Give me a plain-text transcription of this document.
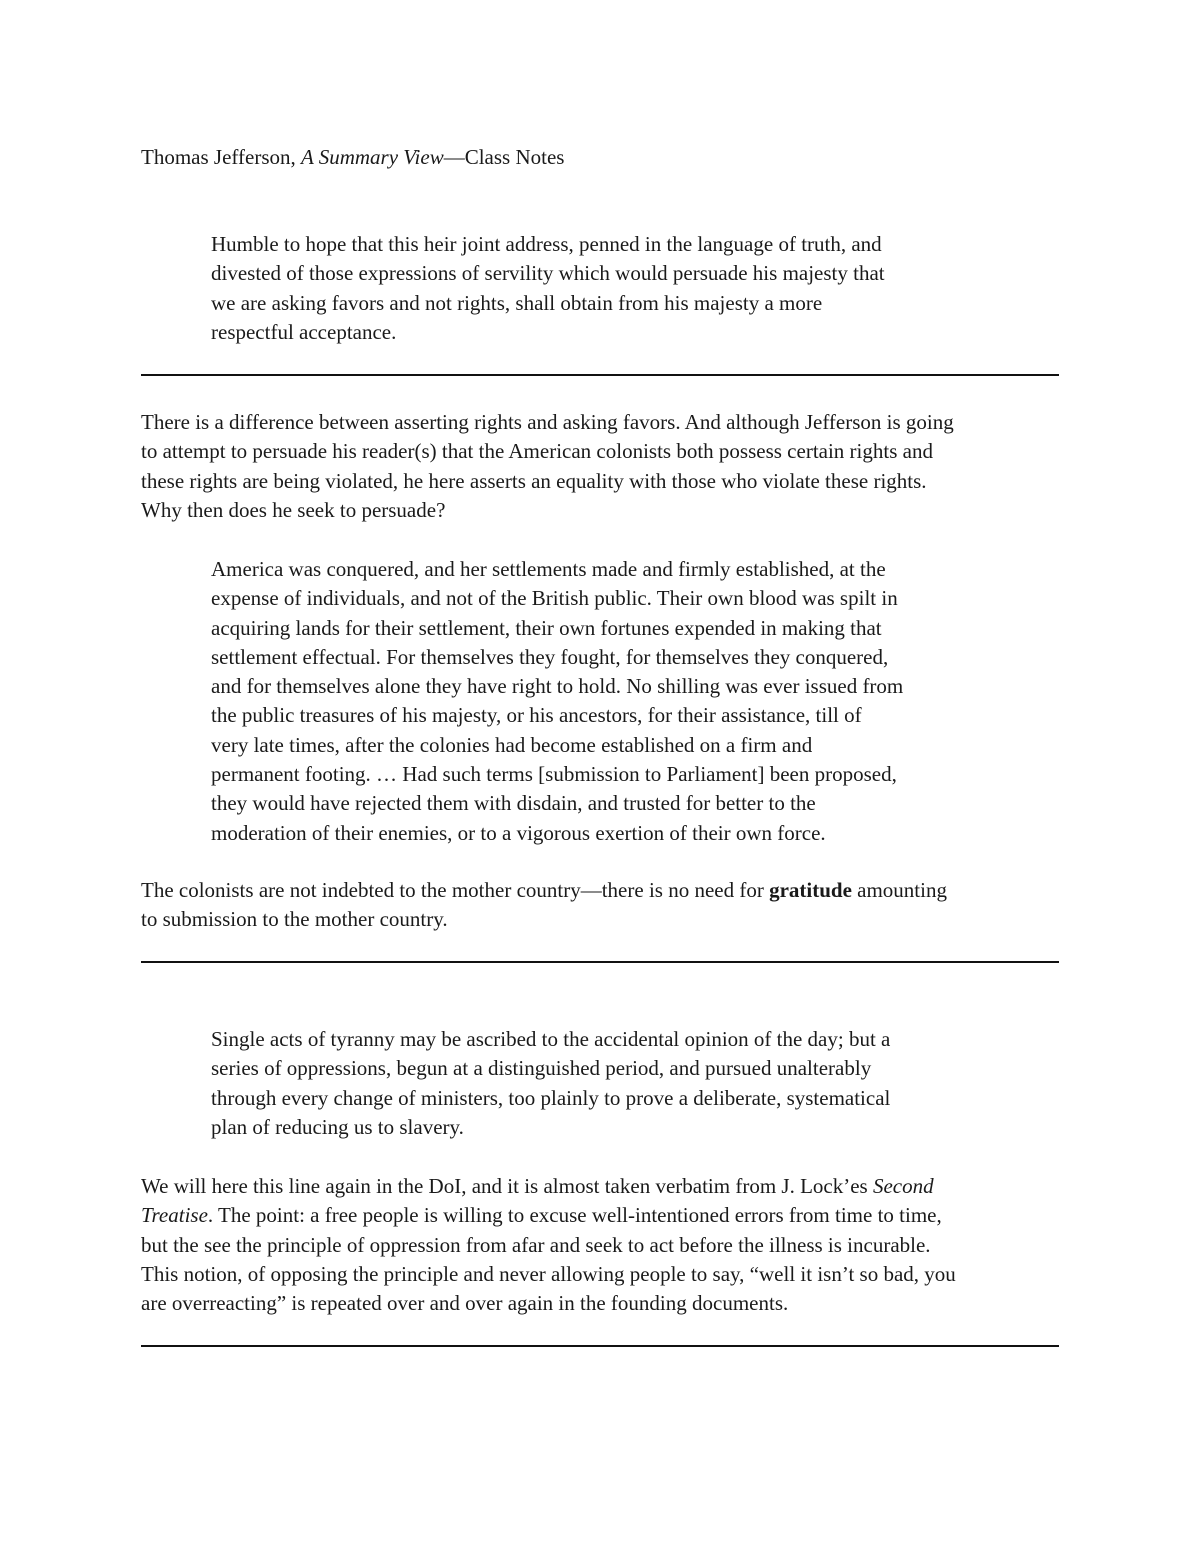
Thomas Jefferson, A Summary View—Class Notes
Humble to hope that this heir joint address, penned in the language of truth, and
divested of those expressions of servility which would persuade his majesty that
we are asking favors and not rights, shall obtain from his majesty a more
respectful acceptance.
There is a difference between asserting rights and asking favors. And although Jefferson is going
to attempt to persuade his reader(s) that the American colonists both possess certain rights and
these rights are being violated, he here asserts an equality with those who violate these rights.
Why then does he seek to persuade?
America was conquered, and her settlements made and firmly established, at the
expense of individuals, and not of the British public. Their own blood was spilt in
acquiring lands for their settlement, their own fortunes expended in making that
settlement effectual. For themselves they fought, for themselves they conquered,
and for themselves alone they have right to hold. No shilling was ever issued from
the public treasures of his majesty, or his ancestors, for their assistance, till of
very late times, after the colonies had become established on a firm and
permanent footing. … Had such terms [submission to Parliament] been proposed,
they would have rejected them with disdain, and trusted for better to the
moderation of their enemies, or to a vigorous exertion of their own force.
The colonists are not indebted to the mother country—there is no need for gratitude amounting
to submission to the mother country.
Single acts of tyranny may be ascribed to the accidental opinion of the day; but a
series of oppressions, begun at a distinguished period, and pursued unalterably
through every change of ministers, too plainly to prove a deliberate, systematical
plan of reducing us to slavery.
We will here this line again in the DoI, and it is almost taken verbatim from J. Lock’es Second
Treatise. The point: a free people is willing to excuse well-intentioned errors from time to time,
but the see the principle of oppression from afar and seek to act before the illness is incurable.
This notion, of opposing the principle and never allowing people to say, “well it isn’t so bad, you
are overreacting” is repeated over and over again in the founding documents.
